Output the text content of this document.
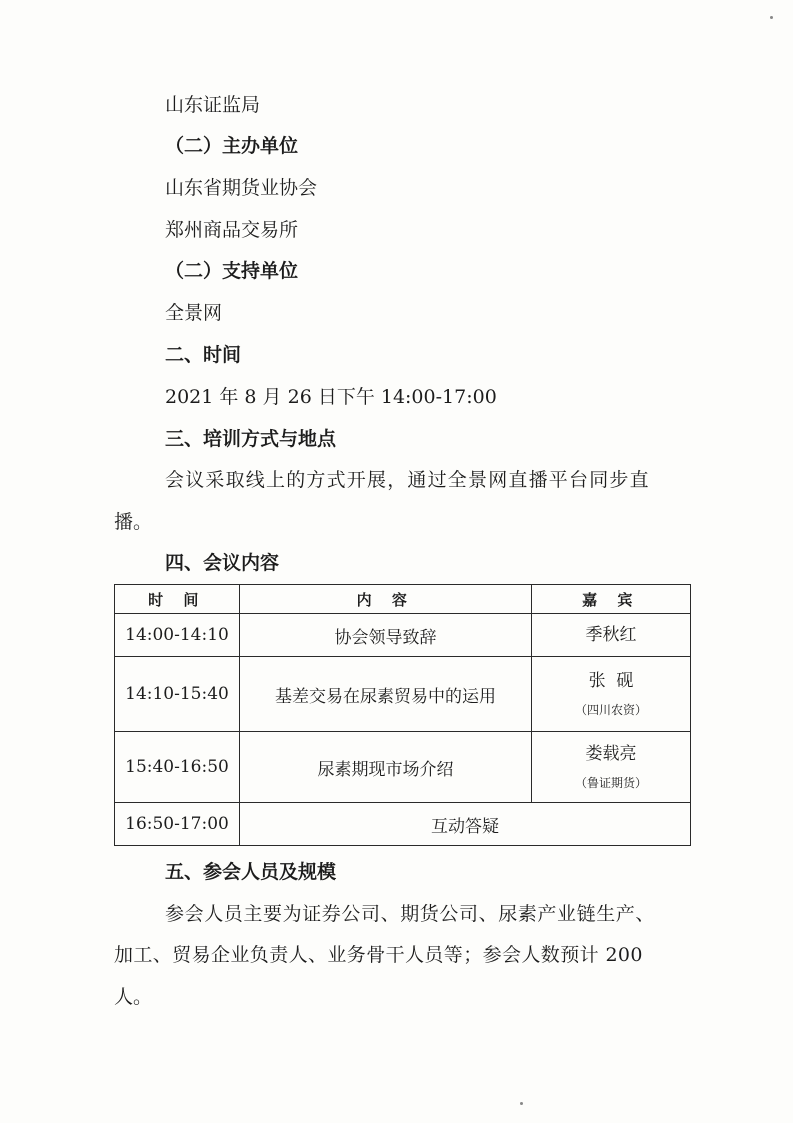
山东证监局
（二）主办单位
山东省期货业协会
郑州商品交易所
（二）支持单位
全景网
二、时间
2021 年 8 月 26 日下午 14:00-17:00
三、培训方式与地点
会议采取线上的方式开展，通过全景网直播平台同步直
播。
四、会议内容
时 间	内 容	嘉 宾
14:00-14:10	协会领导致辞	季秋红

14:10-15:40	基差交易在尿素贸易中的运用	张  砚
（四川农资）

15:40-16:50	尿素期现市场介绍	娄载亮
（鲁证期货）

16:50-17:00	互动答疑	
五、参会人员及规模
参会人员主要为证券公司、期货公司、尿素产业链生产、
加工、贸易企业负责人、业务骨干人员等；参会人数预计 200
人。
